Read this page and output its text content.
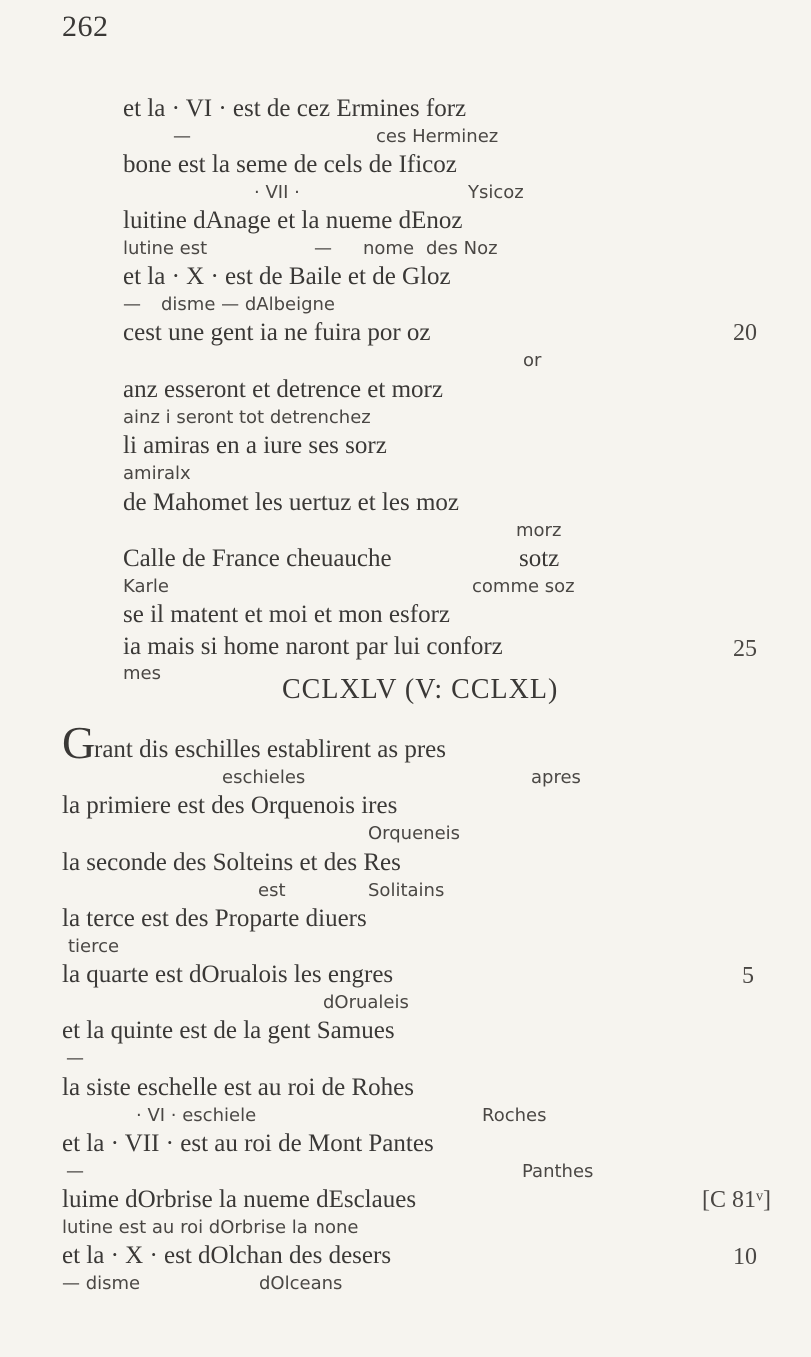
262
et la · VI · est de cez Ermines forz

—

	ces Herminez

bone est la seme de cels de Ificoz

· VII ·

	Ysicoz

luitine dAnage et la nueme dEnoz

lutine est

	—

nome

des Noz

et la · X · est de Baile et de Gloz

—

disme — dAlbeigne

cest une gent ia ne fuira por oz	20

or

anz esseront et detrence et morz

ainz i seront tot detrenchez

li amiras en a iure ses sorz

amiralx

de Mahomet les uertuz et les moz

morz

Calle de France cheuauche

	sotz

Karle

	comme soz

se il matent et moi et mon esforz
ia mais si home naront par lui conforz	25

mes

CCLXLV (V: CCLXL)
G
rant dis eschilles establirent as pres

eschieles

	apres

la primiere est des Orquenois ires

Orqueneis

la seconde des Solteins et des Res

est

	Solitains

la terce est des Proparte diuers

tierce

la quarte est dOrualois les engres	5

dOrualeis

et la quinte est de la gent Samues

—

la siste eschelle est au roi de Rohes

· VI · eschiele

	Roches

et la · VII · est au roi de Mont Pantes

—

	Panthes

luime dOrbrise la nueme dEsclaues	[C 81ᵛ]

lutine est au roi dOrbrise la none

et la · X · est dOlchan des desers	10

— disme

	dOlceans
